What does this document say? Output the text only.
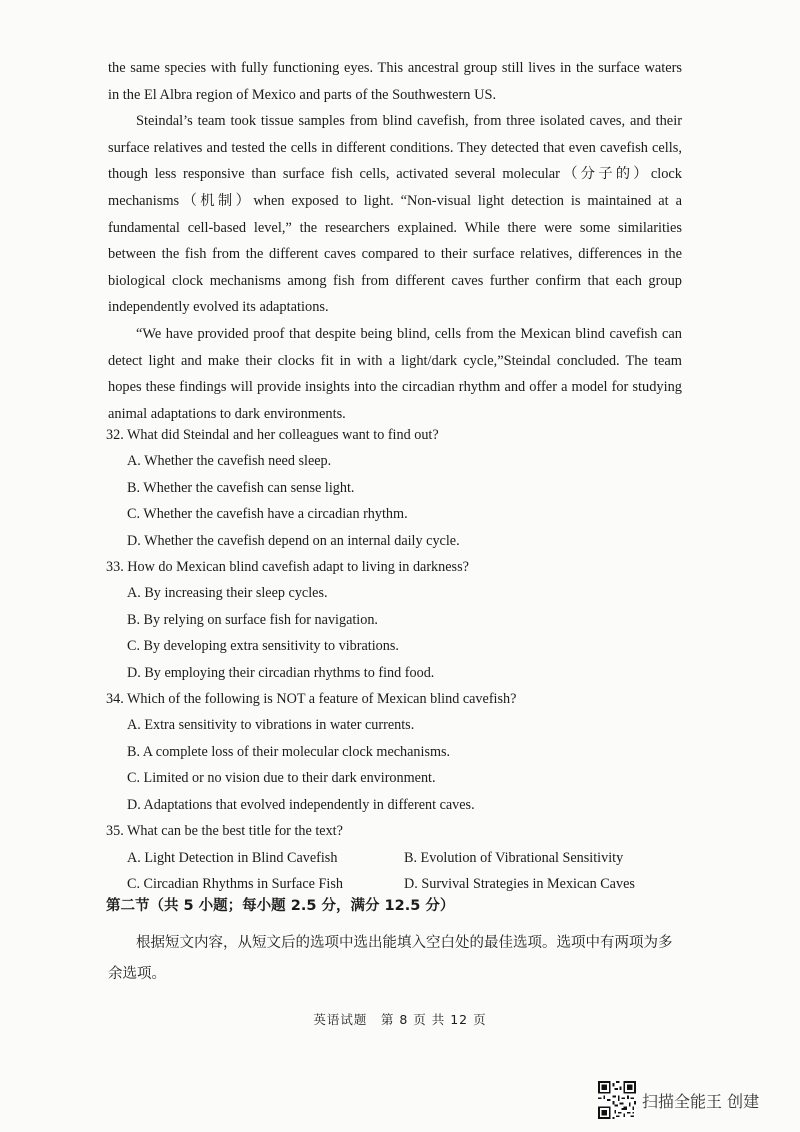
the same species with fully functioning eyes. This ancestral group still lives in the surface waters

in the El Albra region of Mexico and parts of the Southwestern US.

Steindal’s team took tissue samples from blind cavefish, from three isolated caves, and their surface relatives and tested the cells in different conditions. They detected that even cavefish cells, though less responsive than surface fish cells, activated several molecular（分子的）clock mechanisms（机制）when exposed to light. “Non-visual light detection is maintained at a fundamental cell-based level,” the researchers explained. While there were some similarities between the fish from the different caves compared to their surface relatives, differences in the biological clock mechanisms among fish from different caves further confirm that each group independently evolved its adaptations.

“We have provided proof that despite being blind, cells from the Mexican blind cavefish can detect light and make their clocks fit in with a light/dark cycle,”Steindal concluded. The team hopes these findings will provide insights into the circadian rhythm and offer a model for studying animal adaptations to dark environments.

32. What did Steindal and her colleagues want to find out?

A. Whether the cavefish need sleep.

B. Whether the cavefish can sense light.

C. Whether the cavefish have a circadian rhythm.

D. Whether the cavefish depend on an internal daily cycle.

33. How do Mexican blind cavefish adapt to living in darkness?

A. By increasing their sleep cycles.

B. By relying on surface fish for navigation.

C. By developing extra sensitivity to vibrations.

D. By employing their circadian rhythms to find food.

34. Which of the following is NOT a feature of Mexican blind cavefish?

A. Extra sensitivity to vibrations in water currents.

B. A complete loss of their molecular clock mechanisms.

C. Limited or no vision due to their dark environment.

D. Adaptations that evolved independently in different caves.

35. What can be the best title for the text?

A. Light Detection in Blind Cavefish	B. Evolution of Vibrational Sensitivity
C. Circadian Rhythms in Surface Fish	D. Survival Strategies in Mexican Caves
第二节（共 5 小题；每小题 2.5 分，满分 12.5 分）
根据短文内容，从短文后的选项中选出能填入空白处的最佳选项。选项中有两项为多余选项。
英语试题　第 8 页 共 12 页
扫描全能王 创建
